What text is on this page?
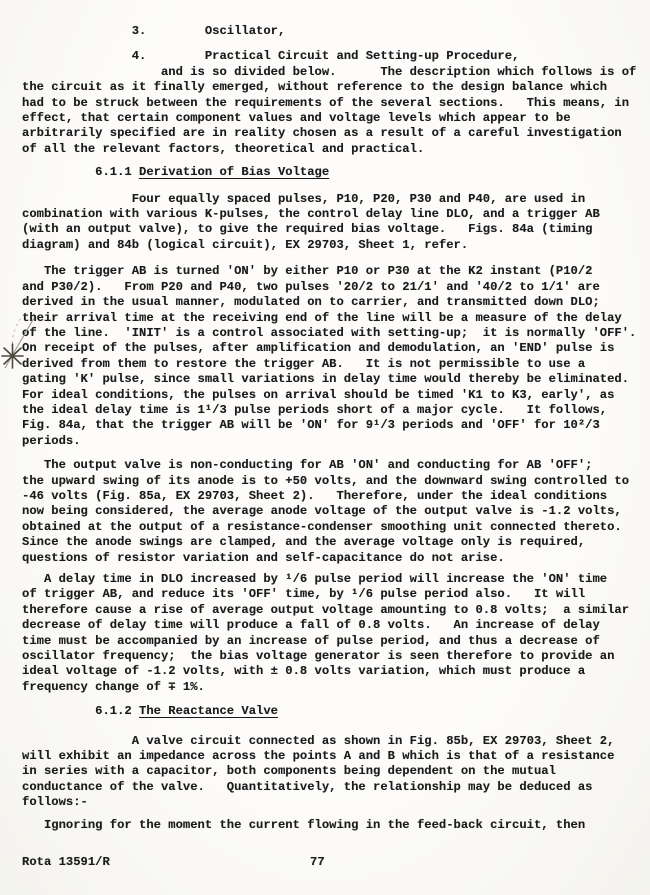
3.        Oscillator,
4.        Practical Circuit and Setting-up Procedure,
and is so divided below.      The description which follows is of
the circuit as it finally emerged, without reference to the design balance which
had to be struck between the requirements of the several sections.   This means, in
effect, that certain component values and voltage levels which appear to be
arbitrarily specified are in reality chosen as a result of a careful investigation
of all the relevant factors, theoretical and practical.
6.1.1 Derivation of Bias Voltage
Four equally spaced pulses, P10, P20, P30 and P40, are used in
combination with various K-pulses, the control delay line DLO, and a trigger AB
(with an output valve), to give the required bias voltage.   Figs. 84a (timing
diagram) and 84b (logical circuit), EX 29703, Sheet 1, refer.
The trigger AB is turned 'ON' by either P10 or P30 at the K2 instant (P10/2
and P30/2).   From P20 and P40, two pulses '20/2 to 21/1' and '40/2 to 1/1' are
derived in the usual manner, modulated on to carrier, and transmitted down DLO;
their arrival time at the receiving end of the line will be a measure of the delay
of the line.  'INIT' is a control associated with setting-up;  it is normally 'OFF'.
On receipt of the pulses, after amplification and demodulation, an 'END' pulse is
derived from them to restore the trigger AB.   It is not permissible to use a
gating 'K' pulse, since small variations in delay time would thereby be eliminated.
For ideal conditions, the pulses on arrival should be timed 'K1 to K3, early', as
the ideal delay time is 1¹/3 pulse periods short of a major cycle.   It follows,
Fig. 84a, that the trigger AB will be 'ON' for 9¹/3 periods and 'OFF' for 10²/3
periods.
The output valve is non-conducting for AB 'ON' and conducting for AB 'OFF';
the upward swing of its anode is to +50 volts, and the downward swing controlled to
-46 volts (Fig. 85a, EX 29703, Sheet 2).   Therefore, under the ideal conditions
now being considered, the average anode voltage of the output valve is -1.2 volts,
obtained at the output of a resistance-condenser smoothing unit connected thereto.
Since the anode swings are clamped, and the average voltage only is required,
questions of resistor variation and self-capacitance do not arise.
A delay time in DLO increased by ¹/6 pulse period will increase the 'ON' time
of trigger AB, and reduce its 'OFF' time, by ¹/6 pulse period also.   It will
therefore cause a rise of average output voltage amounting to 0.8 volts;  a similar
decrease of delay time will produce a fall of 0.8 volts.   An increase of delay
time must be accompanied by an increase of pulse period, and thus a decrease of
oscillator frequency;  the bias voltage generator is seen therefore to provide an
ideal voltage of -1.2 volts, with ± 0.8 volts variation, which must produce a
frequency change of ∓ 1%.
6.1.2 The Reactance Valve
A valve circuit connected as shown in Fig. 85b, EX 29703, Sheet 2,
will exhibit an impedance across the points A and B which is that of a resistance
in series with a capacitor, both components being dependent on the mutual
conductance of the valve.   Quantitatively, the relationship may be deduced as
follows:-
Ignoring for the moment the current flowing in the feed-back circuit, then
Rota 13591/R	77
